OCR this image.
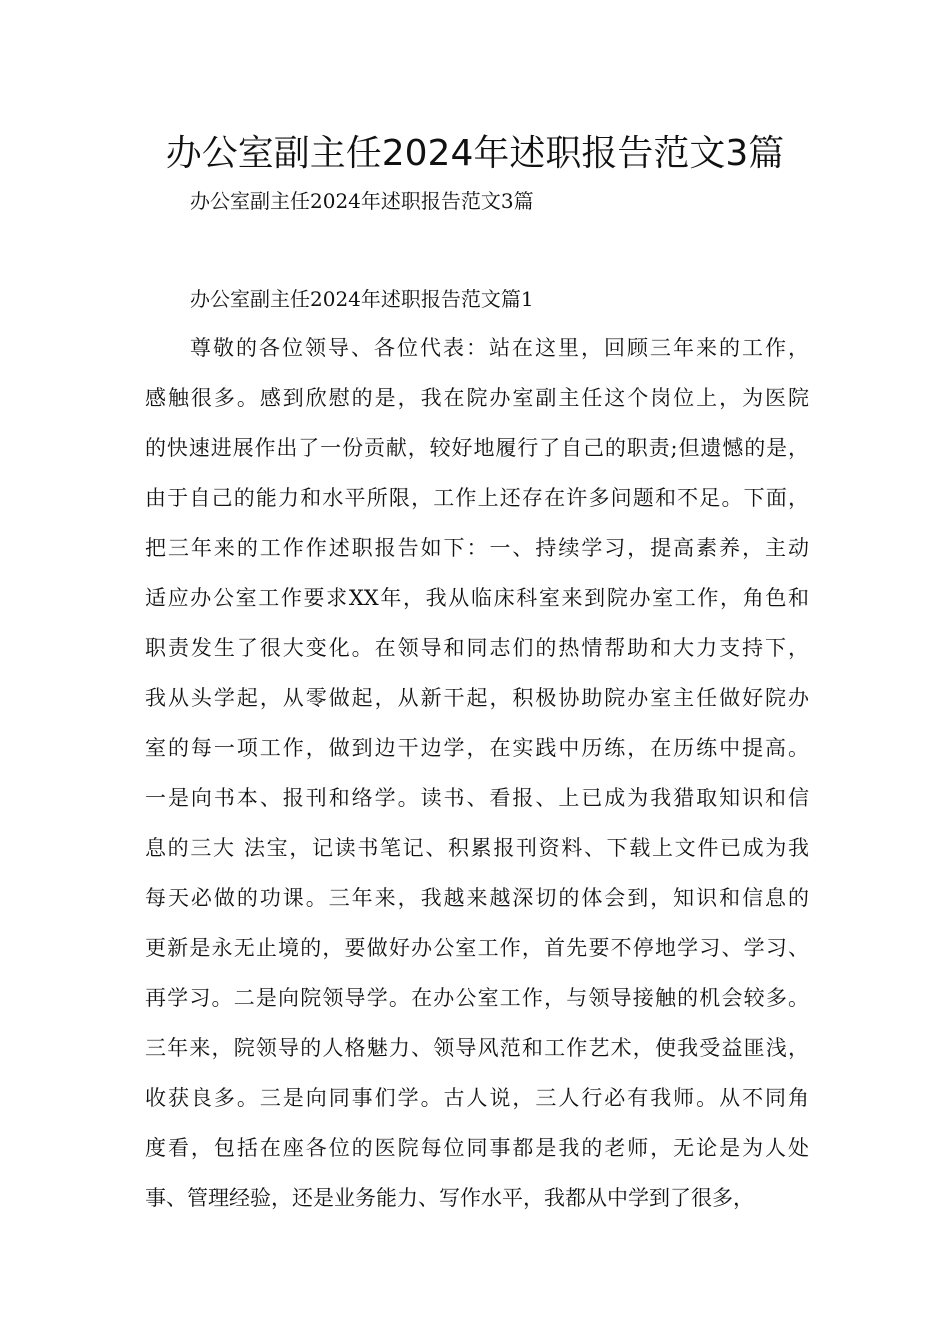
办公室副主任2024年述职报告范文3篇
办公室副主任2024年述职报告范文3篇
办公室副主任2024年述职报告范文篇1
尊敬的各位领导、各位代表：站在这里，回顾三年来的工作，
感触很多。感到欣慰的是，我在院办室副主任这个岗位上，为医院
的快速进展作出了一份贡献，较好地履行了自己的职责;但遗憾的是，
由于自己的能力和水平所限，工作上还存在许多问题和不足。下面，
把三年来的工作作述职报告如下：一、持续学习，提高素养，主动
适应办公室工作要求XX年，我从临床科室来到院办室工作，角色和
职责发生了很大变化。在领导和同志们的热情帮助和大力支持下，
我从头学起，从零做起，从新干起，积极协助院办室主任做好院办
室的每一项工作，做到边干边学，在实践中历练，在历练中提高。
一是向书本、报刊和络学。读书、看报、上已成为我猎取知识和信
息的三大 法宝，记读书笔记、积累报刊资料、下载上文件已成为我
每天必做的功课。三年来，我越来越深切的体会到，知识和信息的
更新是永无止境的，要做好办公室工作，首先要不停地学习、学习、
再学习。二是向院领导学。在办公室工作，与领导接触的机会较多。
三年来，院领导的人格魅力、领导风范和工作艺术，使我受益匪浅，
收获良多。三是向同事们学。古人说，三人行必有我师。从不同角
度看，包括在座各位的医院每位同事都是我的老师，无论是为人处
事、管理经验，还是业务能力、写作水平，我都从中学到了很多，
